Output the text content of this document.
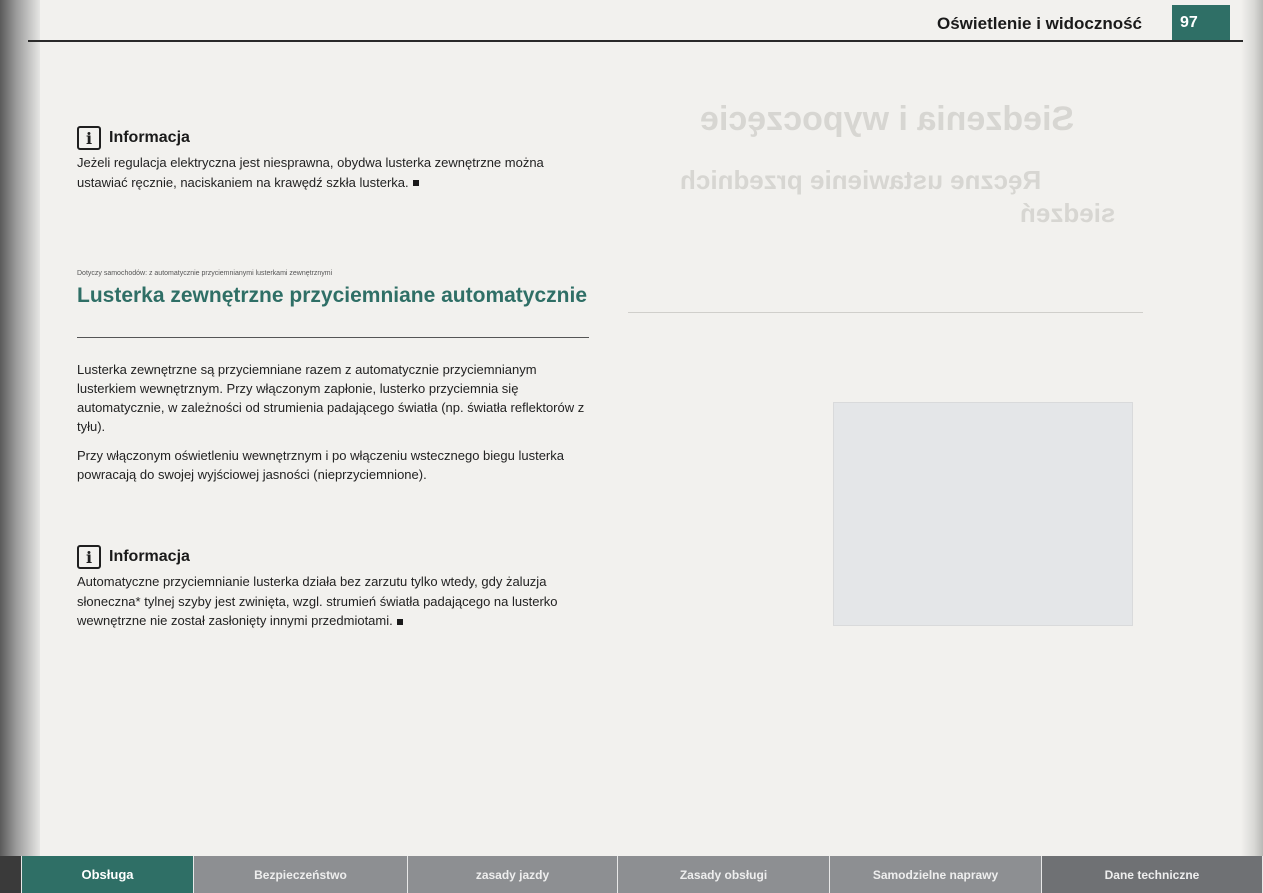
Siedzenia i wypoczęcie
Ręczne ustawienie przednich
siedzeń
Oświetlenie i widoczność	97
i	Informacja
Jeżeli regulacja elektryczna jest niesprawna, obydwa lusterka zewnętrzne można ustawiać ręcznie, naciskaniem na krawędź szkła lusterka.
Dotyczy samochodów: z automatycznie przyciemnianymi lusterkami zewnętrznymi
Lusterka zewnętrzne przyciemniane automatycznie

Lusterka zewnętrzne są przyciemniane razem z automatycznie przyciemnianym lusterkiem wewnętrznym. Przy włączonym zapłonie, lusterko przyciemnia się automatycznie, w zależności od strumienia padającego światła (np. światła reflektorów z tyłu).

Przy włączonym oświetleniu wewnętrznym i po włączeniu wstecznego biegu lusterka powracają do swojej wyjściowej jasności (nieprzyciemnione).

i	Informacja
Automatyczne przyciemnianie lusterka działa bez zarzutu tylko wtedy, gdy żaluzja słoneczna* tylnej szyby jest zwinięta, wzgl. strumień światła padającego na lusterko wewnętrzne nie został zasłonięty innymi przedmiotami.
Obsługa	Bezpieczeństwo	zasady jazdy	Zasady obsługi	Samodzielne naprawy	Dane techniczne
